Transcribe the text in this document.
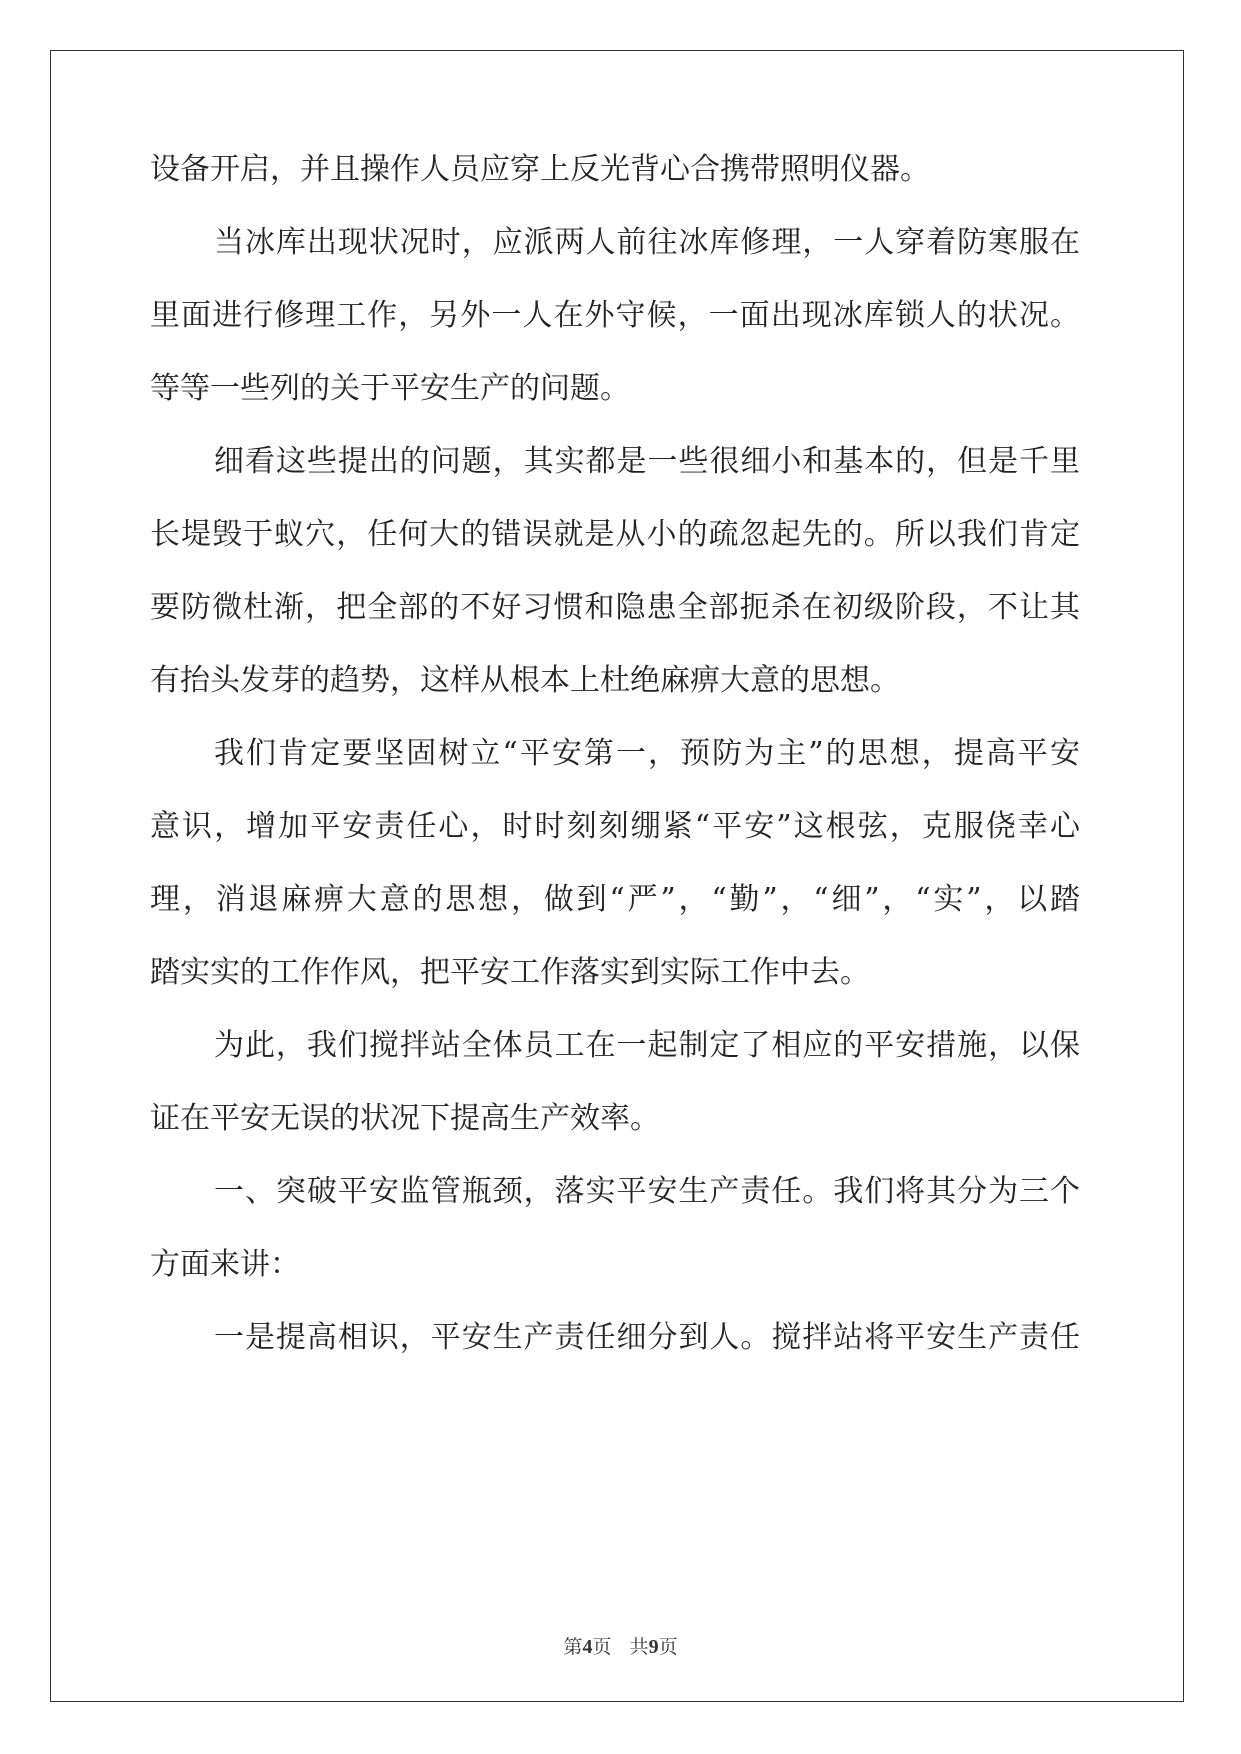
设备开启，并且操作人员应穿上反光背心合携带照明仪器。
当冰库出现状况时，应派两人前往冰库修理，一人穿着防寒服在
里面进行修理工作，另外一人在外守候，一面出现冰库锁人的状况。
等等一些列的关于平安生产的问题。
细看这些提出的问题，其实都是一些很细小和基本的，但是千里
长堤毁于蚁穴，任何大的错误就是从小的疏忽起先的。所以我们肯定
要防微杜渐，把全部的不好习惯和隐患全部扼杀在初级阶段，不让其
有抬头发芽的趋势，这样从根本上杜绝麻痹大意的思想。
我们肯定要坚固树立“平安第一，预防为主”的思想，提高平安
意识，增加平安责任心，时时刻刻绷紧“平安”这根弦，克服侥幸心
理，消退麻痹大意的思想，做到“严”，“勤”，“细”，“实”，以踏
踏实实的工作作风，把平安工作落实到实际工作中去。
为此，我们搅拌站全体员工在一起制定了相应的平安措施，以保
证在平安无误的状况下提高生产效率。
一、突破平安监管瓶颈，落实平安生产责任。我们将其分为三个
方面来讲：
一是提高相识，平安生产责任细分到人。搅拌站将平安生产责任
第4页   共9页
